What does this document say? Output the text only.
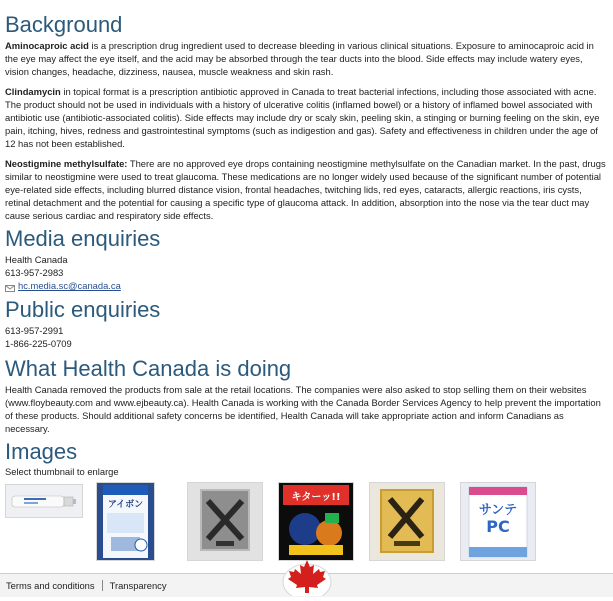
Background

Aminocaproic acid is a prescription drug ingredient used to decrease bleeding in various clinical situations. Exposure to aminocaproic acid in the eye may affect the eye itself, and the acid may be absorbed through the tear ducts into the blood. Side effects may include watery eyes, vision changes, headache, dizziness, nausea, muscle weakness and skin rash.

Clindamycin in topical format is a prescription antibiotic approved in Canada to treat bacterial infections, including those associated with acne. The product should not be used in individuals with a history of ulcerative colitis (inflamed bowel) or a history of inflamed bowel associated with antibiotic use (antibiotic-associated colitis). Side effects may include dry or scaly skin, peeling skin, a stinging or burning feeling on the skin, eye pain, itching, hives, redness and gastrointestinal symptoms (such as indigestion and gas). Safety and effectiveness in children under the age of 12 has not been established.

Neostigmine methylsulfate: There are no approved eye drops containing neostigmine methylsulfate on the Canadian market. In the past, drugs similar to neostigmine were used to treat glaucoma. These medications are no longer widely used because of the significant number of potential eye-related side effects, including blurred distance vision, frontal headaches, twitching lids, red eyes, cataracts, allergic reactions, iris cysts, retinal detachment and the potential for causing a specific type of glaucoma attack. In addition, absorption into the nose via the tear duct may cause serious cardiac and respiratory side effects.

Media enquiries
Health Canada
613-957-2983
hc.media.sc@canada.ca
Public enquiries
613-957-2991
1-866-225-0709
What Health Canada is doing

Health Canada removed the products from sale at the retail locations. The companies were also asked to stop selling them on their websites (www.floybeauty.com and www.ejbeauty.ca). Health Canada is working with the Canada Border Services Agency to help prevent the importation of these products. Should additional safety concerns be identified, Health Canada will take appropriate action and inform Canadians as necessary.

Images
Select thumbnail to enlarge
アイボン
キターッ!!
サンテ
PC
Terms and conditions Transparency
